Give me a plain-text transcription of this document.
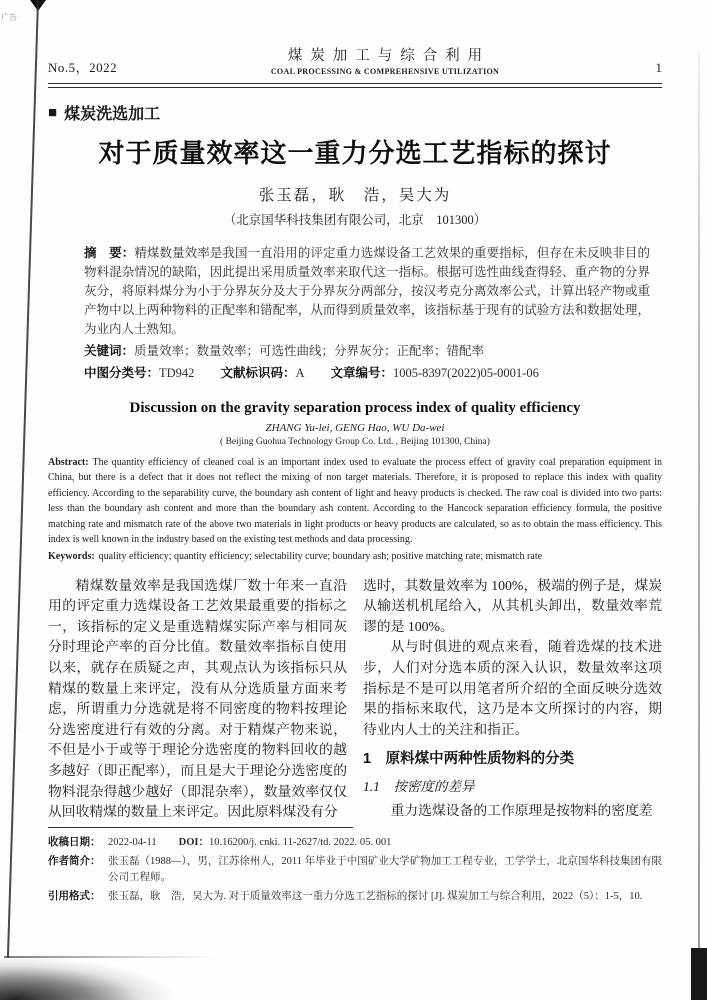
广告
No.5，2022
煤炭加工与综合利用
COAL PROCESSING & COMPREHENSIVE UTILIZATION	1
■ 煤炭洗选加工
对于质量效率这一重力分选工艺指标的探讨
张玉磊，耿　浩，吴大为
（北京国华科技集团有限公司，北京　101300）
摘　要：精煤数量效率是我国一直沿用的评定重力选煤设备工艺效果的重要指标，但存在未反映非目的物料混杂情况的缺陷，因此提出采用质量效率来取代这一指标。根据可选性曲线查得轻、重产物的分界灰分，将原料煤分为小于分界灰分及大于分界灰分两部分，按汉考克分离效率公式，计算出轻产物或重产物中以上两种物料的正配率和错配率，从而得到质量效率，该指标基于现有的试验方法和数据处理，为业内人士熟知。
关键词：质量效率；数量效率；可选性曲线；分界灰分；正配率；错配率
中图分类号：TD942 文献标识码：A 文章编号：1005-8397(2022)05-0001-06
Discussion on the gravity separation process index of quality efficiency
ZHANG Yu-lei, GENG Hao, WU Da-wei
( Beijing Guohua Technology Group Co. Ltd. , Beijing 101300, China)
Abstract: The quantity efficiency of cleaned coal is an important index used to evaluate the process effect of gravity coal preparation equipment in China, but there is a defect that it does not reflect the mixing of non target materials. Therefore, it is proposed to replace this index with quality efficiency. According to the separability curve, the boundary ash content of light and heavy products is checked. The raw coal is divided into two parts: less than the boundary ash content and more than the boundary ash content. According to the Hancock separation efficiency formula, the positive matching rate and mismatch rate of the above two materials in light products or heavy products are calculated, so as to obtain the mass efficiency. This index is well known in the industry based on the existing test methods and data processing.
Keywords: quality efficiency; quantity efficiency; selectability curve; boundary ash; positive matching rate; mismatch rate

精煤数量效率是我国选煤厂数十年来一直沿用的评定重力选煤设备工艺效果最重要的指标之一，该指标的定义是重选精煤实际产率与相同灰分时理论产率的百分比值。数量效率指标自使用以来，就存在质疑之声，其观点认为该指标只从精煤的数量上来评定，没有从分选质量方面来考虑，所谓重力分选就是将不同密度的物料按理论分选密度进行有效的分离。对于精煤产物来说，不但是小于或等于理论分选密度的物料回收的越多越好（即正配率），而且是大于理论分选密度的物料混杂得越少越好（即混杂率），数量效率仅仅从回收精煤的数量上来评定。因此原料煤没有分

选时，其数量效率为 100%，极端的例子是，煤炭从输送机机尾给入，从其机头卸出，数量效率荒谬的是 100%。

从与时俱进的观点来看，随着选煤的技术进步，人们对分选本质的深入认识，数量效率这项指标是不是可以用笔者所介绍的全面反映分选效果的指标来取代，这乃是本文所探讨的内容，期待业内人士的关注和指正。

1　原料煤中两种性质物料的分类

1.1　按密度的差异

重力选煤设备的工作原理是按物料的密度差

收稿日期： 2022-04-11 DOI：10.16200/j. cnki. 11-2627/td. 2022. 05. 001
作者简介： 张玉磊（1988—），男，江苏徐州人，2011 年毕业于中国矿业大学矿物加工工程专业，工学学士，北京国华科技集团有限公司工程师。
引用格式： 张玉磊，耿　浩，吴大为. 对于质量效率这一重力分选工艺指标的探讨 [J]. 煤炭加工与综合利用，2022（5）：1-5，10.
